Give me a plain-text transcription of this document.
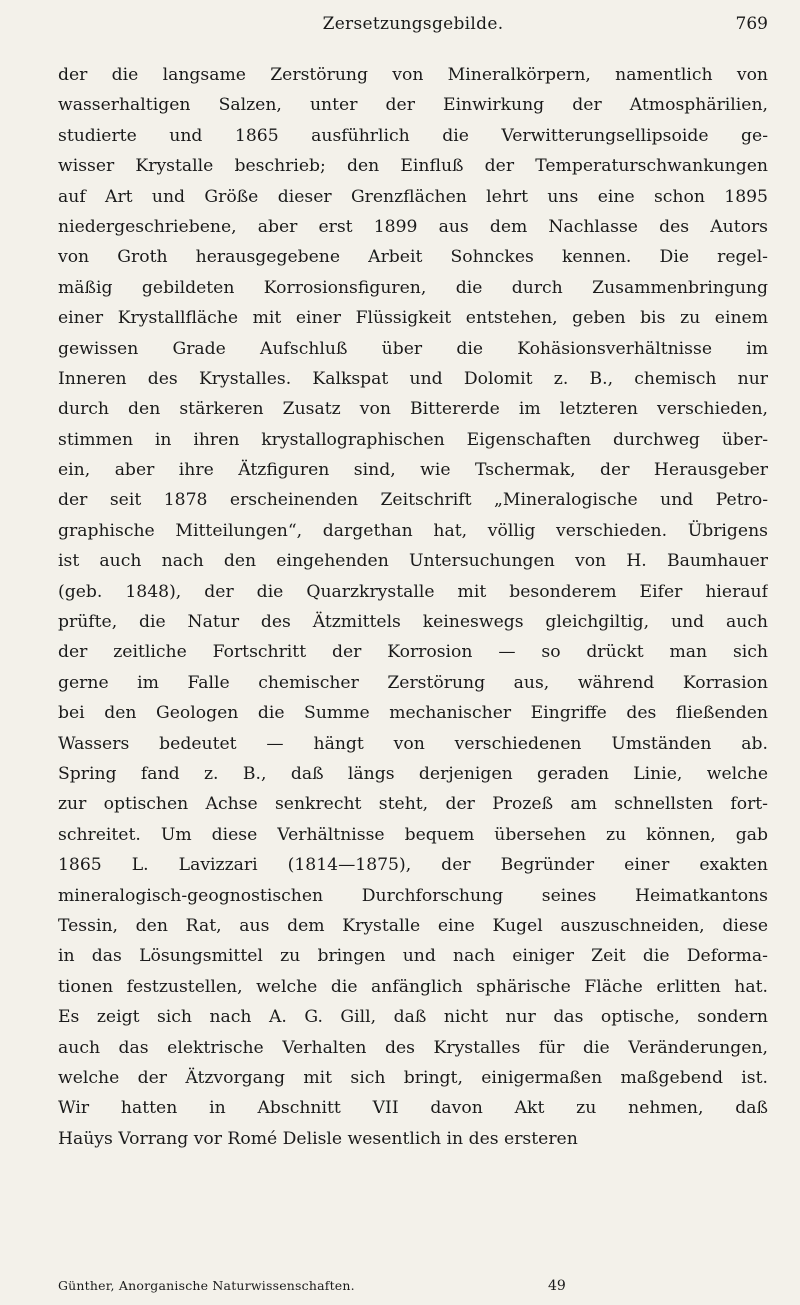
Zersetzungsgebilde.	769
der die langsame Zerstörung von Mineralkörpern, namentlich von
wasserhaltigen Salzen, unter der Einwirkung der Atmosphärilien,
studierte und 1865 ausführlich die Verwitterungsellipsoide ge-
wisser Krystalle beschrieb; den Einfluß der Temperaturschwankungen
auf Art und Größe dieser Grenzflächen lehrt uns eine schon 1895
niedergeschriebene, aber erst 1899 aus dem Nachlasse des Autors
von Groth herausgegebene Arbeit Sohnckes kennen. Die regel-
mäßig gebildeten Korrosionsfiguren, die durch Zusammenbringung
einer Krystallfläche mit einer Flüssigkeit entstehen, geben bis zu einem
gewissen Grade Aufschluß über die Kohäsionsverhältnisse im
Inneren des Krystalles. Kalkspat und Dolomit z. B., chemisch nur
durch den stärkeren Zusatz von Bittererde im letzteren verschieden,
stimmen in ihren krystallographischen Eigenschaften durchweg über-
ein, aber ihre Ätzfiguren sind, wie Tschermak, der Herausgeber
der seit 1878 erscheinenden Zeitschrift „Mineralogische und Petro-
graphische Mitteilungen“, dargethan hat, völlig verschieden. Übrigens
ist auch nach den eingehenden Untersuchungen von H. Baumhauer
(geb. 1848), der die Quarzkrystalle mit besonderem Eifer hierauf
prüfte, die Natur des Ätzmittels keineswegs gleichgiltig, und auch
der zeitliche Fortschritt der Korrosion — so drückt man sich
gerne im Falle chemischer Zerstörung aus, während Korrasion
bei den Geologen die Summe mechanischer Eingriffe des fließenden
Wassers bedeutet — hängt von verschiedenen Umständen ab.
Spring fand z. B., daß längs derjenigen geraden Linie, welche
zur optischen Achse senkrecht steht, der Prozeß am schnellsten fort-
schreitet. Um diese Verhältnisse bequem übersehen zu können, gab
1865 L. Lavizzari (1814—1875), der Begründer einer exakten
mineralogisch-geognostischen Durchforschung seines Heimatkantons
Tessin, den Rat, aus dem Krystalle eine Kugel auszuschneiden, diese
in das Lösungsmittel zu bringen und nach einiger Zeit die Deforma-
tionen festzustellen, welche die anfänglich sphärische Fläche erlitten hat.
Es zeigt sich nach A. G. Gill, daß nicht nur das optische, sondern
auch das elektrische Verhalten des Krystalles für die Veränderungen,
welche der Ätzvorgang mit sich bringt, einigermaßen maßgebend ist.
Wir hatten in Abschnitt VII davon Akt zu nehmen, daß
Haüys Vorrang vor Romé Delisle wesentlich in des ersteren
Günther, Anorganische Naturwissenschaften.	49
